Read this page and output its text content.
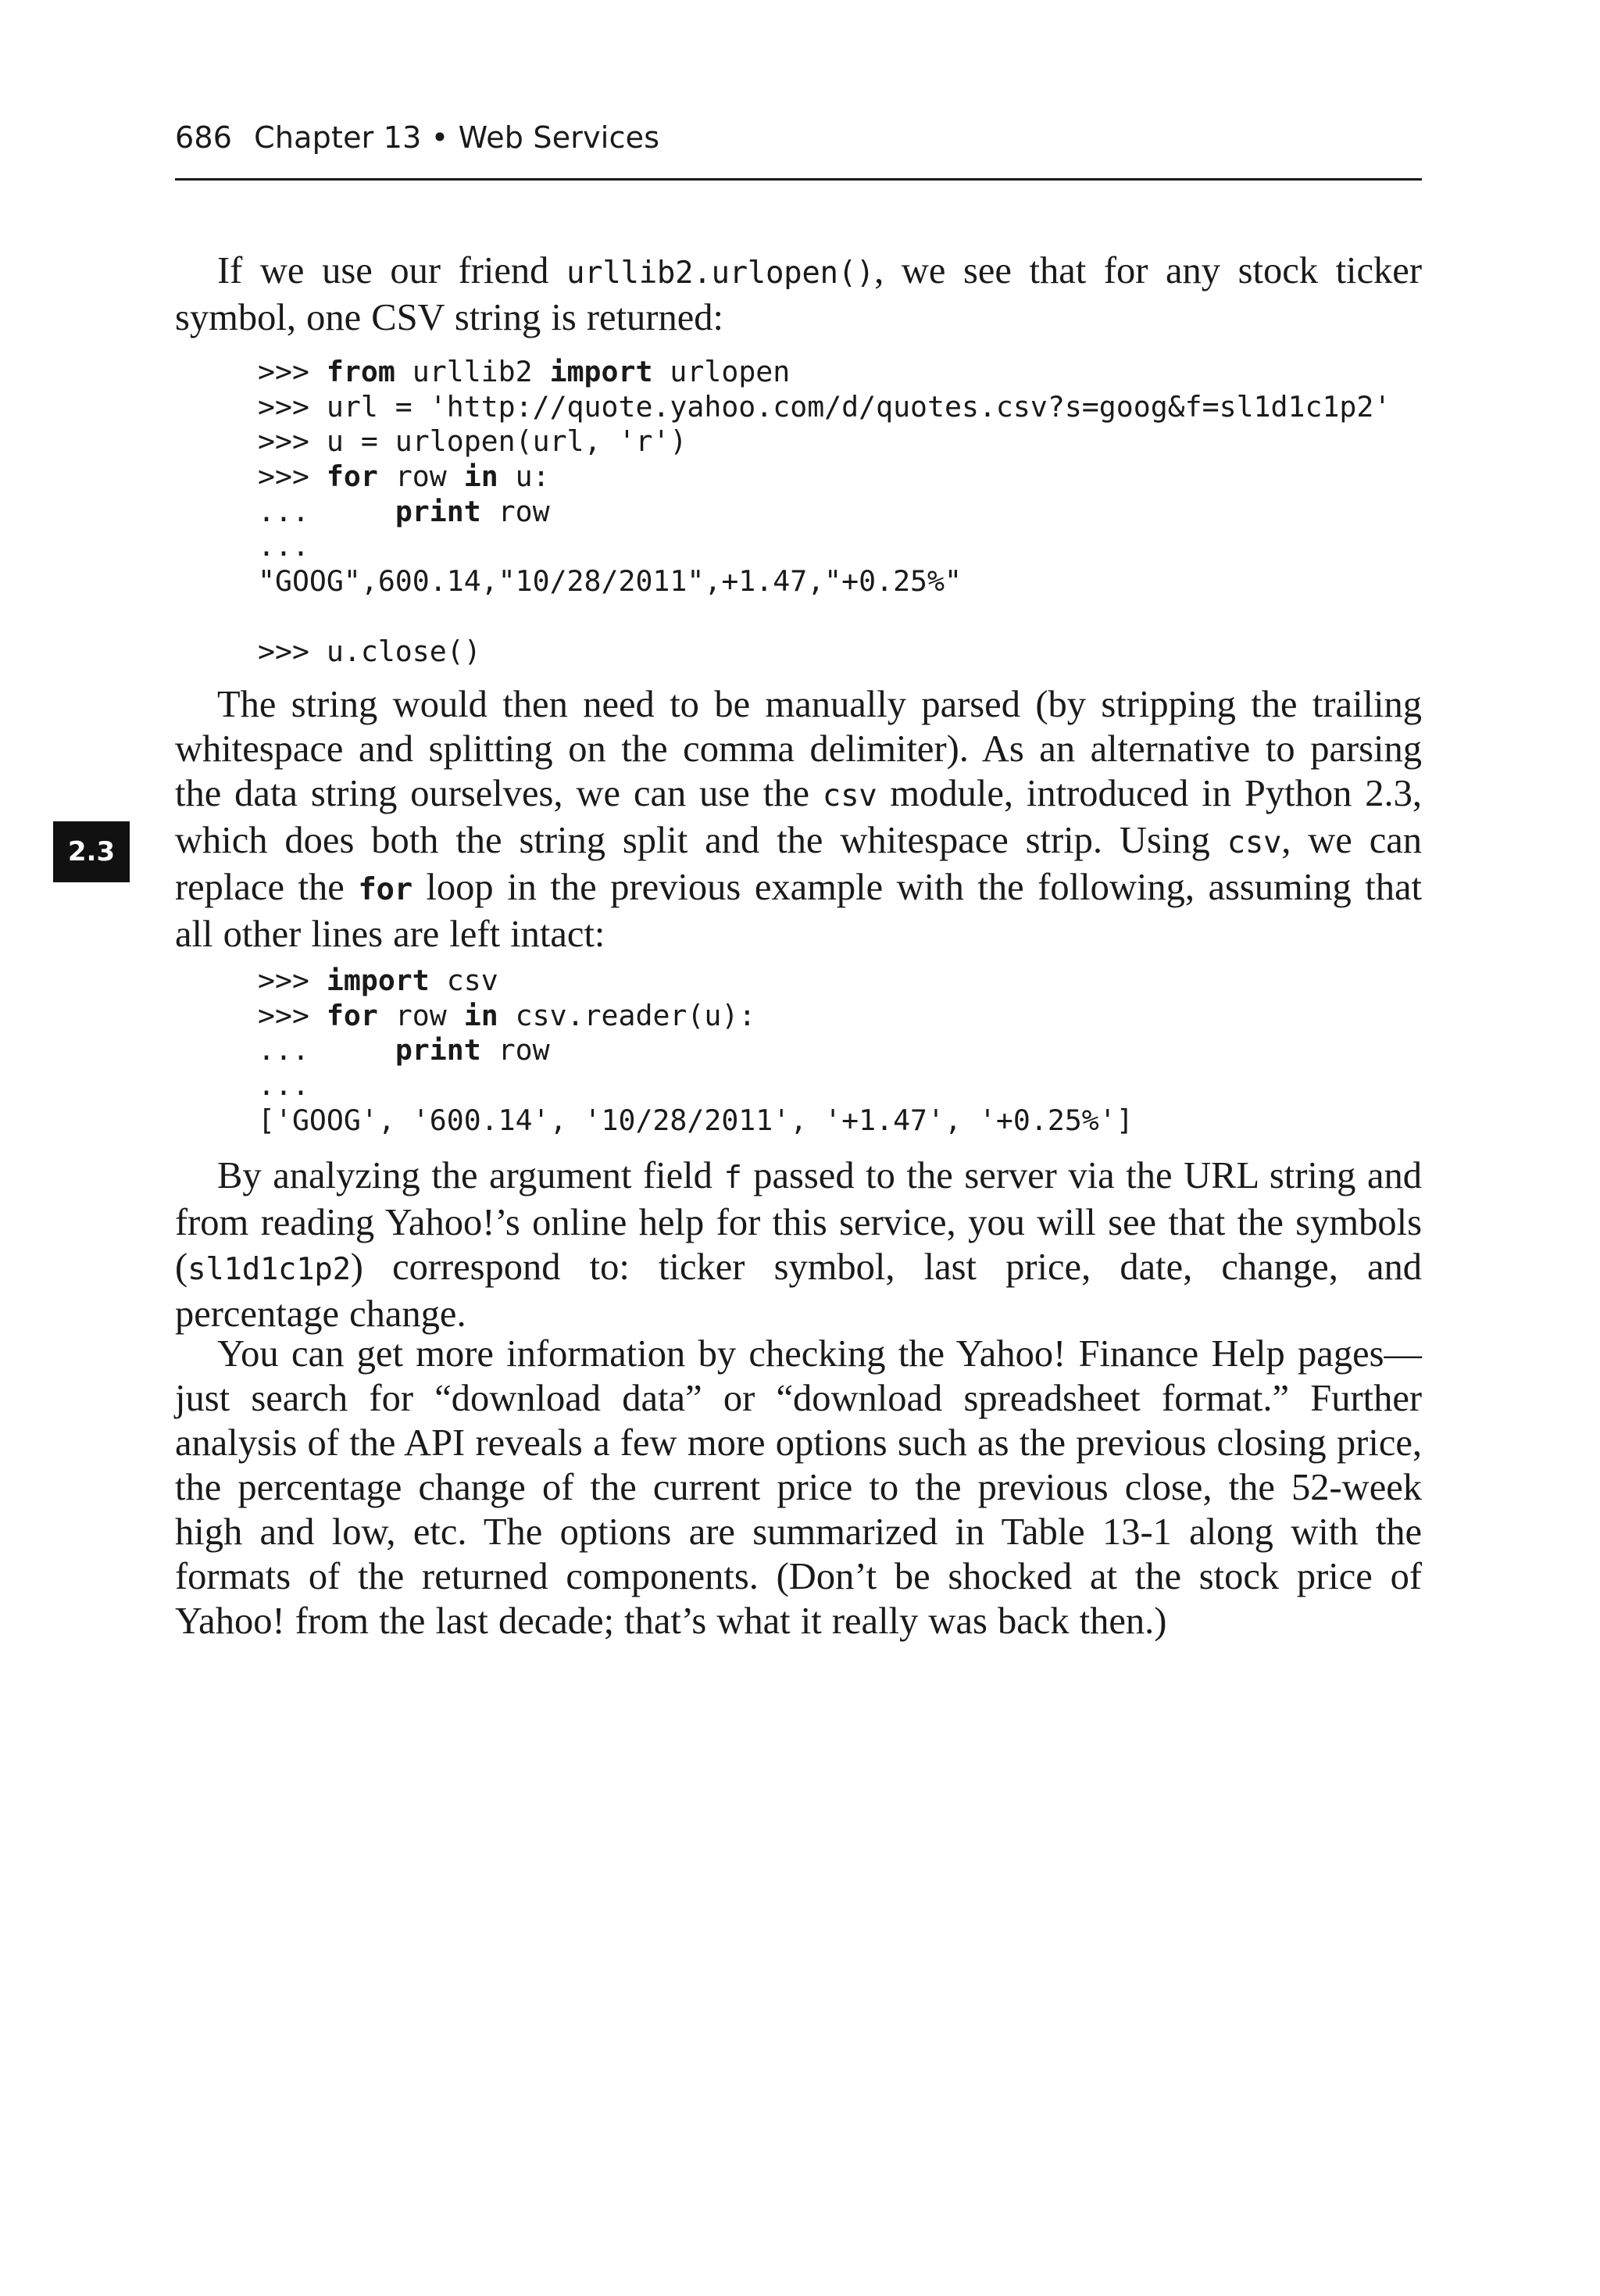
686 Chapter 13 • Web Services
2.3

If we use our friend urllib2.urlopen(), we see that for any stock ticker symbol, one CSV string is returned:

>>> from urllib2 import urlopen
>>> url = 'http://quote.yahoo.com/d/quotes.csv?s=goog&f=sl1d1c1p2'
>>> u = urlopen(url, 'r')
>>> for row in u:
...     print row
...
"GOOG",600.14,"10/28/2011",+1.47,"+0.25%"
>>> u.close()

The string would then need to be manually parsed (by stripping the trailing whitespace and splitting on the comma delimiter). As an alternative to parsing the data string ourselves, we can use the csv module, introduced in Python 2.3, which does both the string split and the whitespace strip. Using csv, we can replace the for loop in the previous example with the following, assuming that all other lines are left intact:

>>> import csv
>>> for row in csv.reader(u):
...     print row
...
['GOOG', '600.14', '10/28/2011', '+1.47', '+0.25%']

By analyzing the argument field f passed to the server via the URL string and from reading Yahoo!’s online help for this service, you will see that the symbols (sl1d1c1p2) correspond to: ticker symbol, last price, date, change, and percentage change.

You can get more information by checking the Yahoo! Finance Help pages—just search for “download data” or “download spreadsheet format.” Further analysis of the API reveals a few more options such as the previous closing price, the percentage change of the current price to the previous close, the 52-week high and low, etc. The options are summarized in Table 13-1 along with the formats of the returned components. (Don’t be shocked at the stock price of Yahoo! from the last decade; that’s what it really was back then.)
